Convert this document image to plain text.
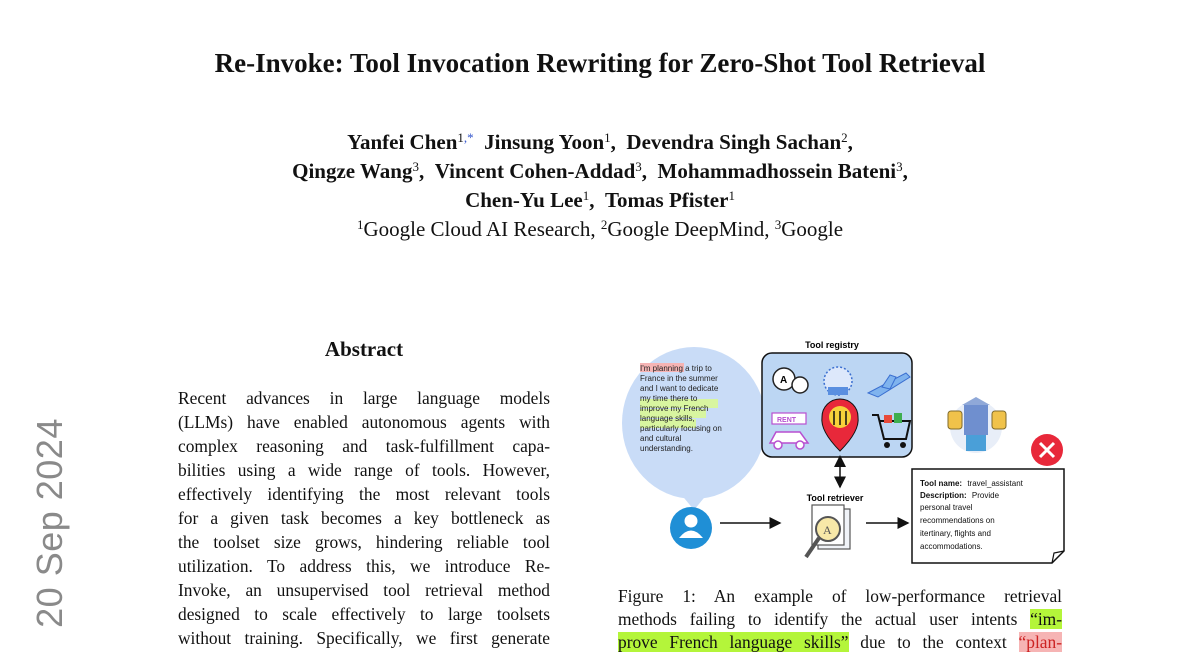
20 Sep 2024
Re-Invoke: Tool Invocation Rewriting for Zero-Shot Tool Retrieval
Yanfei Chen$^{1,*}$ Jinsung Yoon$^1$, Devendra Singh Sachan$^2$,
Qingze Wang$^3$, Vincent Cohen-Addad$^3$, Mohammadhossein Bateni$^3$,
Chen-Yu Lee$^1$, Tomas Pfister$^1$
$^1$Google Cloud AI Research, $^2$Google DeepMind, $^3$Google
Abstract
Recent advances in large language models
(LLMs) have enabled autonomous agents with
complex reasoning and task-fulfillment capa-
bilities using a wide range of tools. However,
effectively identifying the most relevant tools
for a given task becomes a key bottleneck as
the toolset size grows, hindering reliable tool
utilization. To address this, we introduce Re-
Invoke, an unsupervised tool retrieval method
designed to scale effectively to large toolsets
without training. Specifically, we first generate
I'm planning a trip to France in the summer and I want to dedicate my time there to improve my French language skills, particularly focusing on and cultural understanding.
Tool registry
A
RENT
Tool retriever
A
Tool name: travel_assistant Description: Provide personal travel recommendations on itertinary, flights and accommodations.
Figure 1: An example of low-performance retrieval
methods failing to identify the actual user intents “im-
prove French language skills” due to the context “plan-
